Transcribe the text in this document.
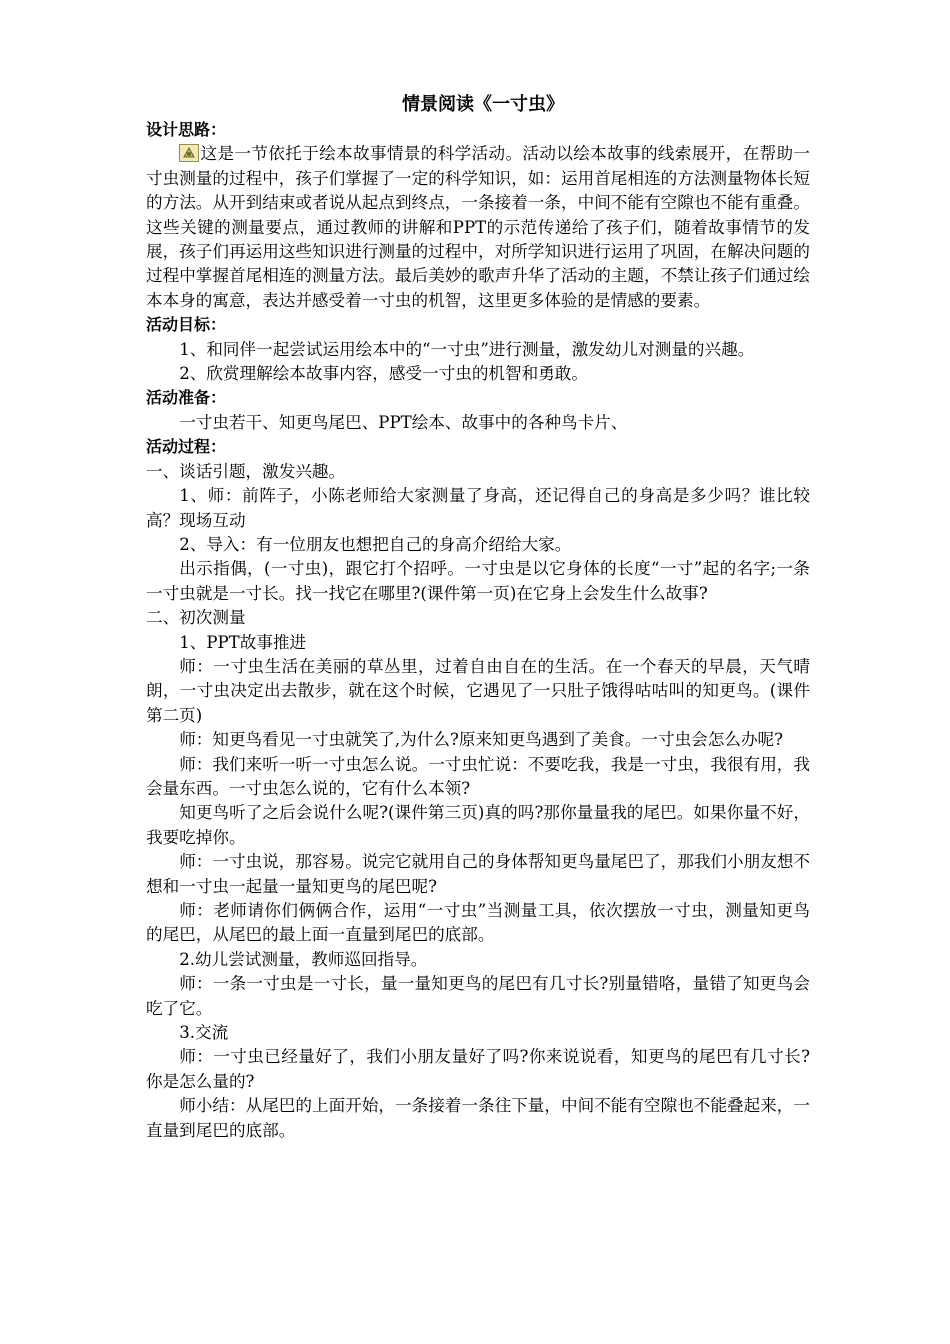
情景阅读《一寸虫》

设计思路：

这是一节依托于绘本故事情景的科学活动。活动以绘本故事的线索展开，在帮助一寸虫测量的过程中，孩子们掌握了一定的科学知识，如：运用首尾相连的方法测量物体长短的方法。从开到结束或者说从起点到终点，一条接着一条，中间不能有空隙也不能有重叠。这些关键的测量要点，通过教师的讲解和PPT的示范传递给了孩子们，随着故事情节的发展，孩子们再运用这些知识进行测量的过程中，对所学知识进行运用了巩固，在解决问题的过程中掌握首尾相连的测量方法。最后美妙的歌声升华了活动的主题，不禁让孩子们通过绘本本身的寓意，表达并感受着一寸虫的机智，这里更多体验的是情感的要素。

活动目标：

1、和同伴一起尝试运用绘本中的“一寸虫”进行测量，激发幼儿对测量的兴趣。

2、欣赏理解绘本故事内容，感受一寸虫的机智和勇敢。

活动准备：

一寸虫若干、知更鸟尾巴、PPT绘本、故事中的各种鸟卡片、

活动过程：

一、谈话引题，激发兴趣。

1、师：前阵子，小陈老师给大家测量了身高，还记得自己的身高是多少吗？谁比较高？现场互动

2、导入：有一位朋友也想把自己的身高介绍给大家。

出示指偶，(一寸虫)，跟它打个招呼。一寸虫是以它身体的长度“一寸”起的名字;一条一寸虫就是一寸长。找一找它在哪里?(课件第一页)在它身上会发生什么故事?

二、初次测量

1、PPT故事推进

师：一寸虫生活在美丽的草丛里，过着自由自在的生活。在一个春天的早晨，天气晴朗，一寸虫决定出去散步，就在这个时候，它遇见了一只肚子饿得咕咕叫的知更鸟。(课件第二页)

师：知更鸟看见一寸虫就笑了,为什么?原来知更鸟遇到了美食。一寸虫会怎么办呢?

师：我们来听一听一寸虫怎么说。一寸虫忙说：不要吃我，我是一寸虫，我很有用，我会量东西。一寸虫怎么说的，它有什么本领?

知更鸟听了之后会说什么呢?(课件第三页)真的吗?那你量量我的尾巴。如果你量不好，我要吃掉你。

师：一寸虫说，那容易。说完它就用自己的身体帮知更鸟量尾巴了，那我们小朋友想不想和一寸虫一起量一量知更鸟的尾巴呢?

师：老师请你们俩俩合作，运用“一寸虫”当测量工具，依次摆放一寸虫，测量知更鸟的尾巴，从尾巴的最上面一直量到尾巴的底部。

2.幼儿尝试测量，教师巡回指导。

师：一条一寸虫是一寸长，量一量知更鸟的尾巴有几寸长?别量错咯，量错了知更鸟会吃了它。

3.交流

师：一寸虫已经量好了，我们小朋友量好了吗?你来说说看，知更鸟的尾巴有几寸长?你是怎么量的?

师小结：从尾巴的上面开始，一条接着一条往下量，中间不能有空隙也不能叠起来，一直量到尾巴的底部。
